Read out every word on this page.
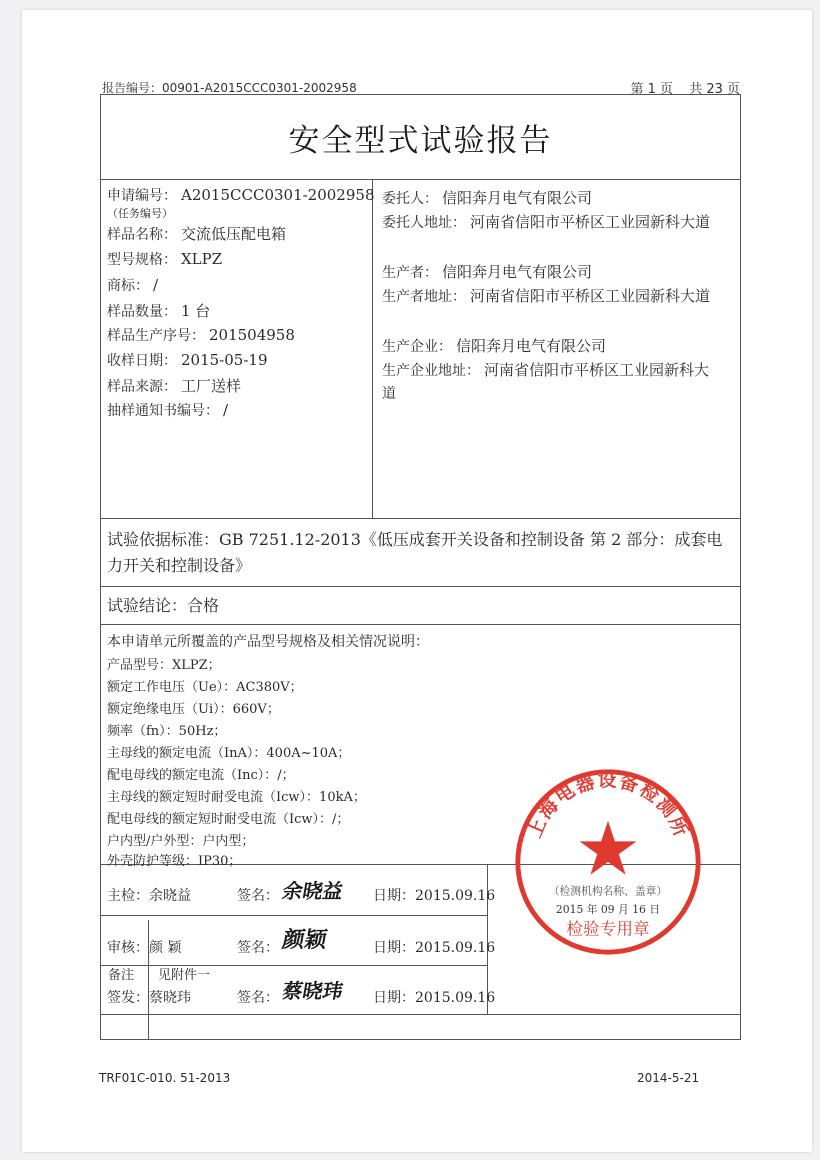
报告编号：00901-A2015CCC0301-2002958	第 1 页 共 23 页
安全型式试验报告
申请编号： A2015CCC0301-2002958
（任务编号）
样品名称： 交流低压配电箱
型号规格： XLPZ
商标： /
样品数量： 1 台
样品生产序号： 201504958
收样日期： 2015-05-19
样品来源： 工厂送样
抽样通知书编号： /
委托人： 信阳奔月电气有限公司
委托人地址： 河南省信阳市平桥区工业园新科大道
生产者： 信阳奔月电气有限公司
生产者地址： 河南省信阳市平桥区工业园新科大道
生产企业： 信阳奔月电气有限公司
生产企业地址： 河南省信阳市平桥区工业园新科大
道
试验依据标准：GB 7251.12-2013《低压成套开关设备和控制设备 第 2 部分：成套电力开关和控制设备》
试验结论：合格
本申请单元所覆盖的产品型号规格及相关情况说明：
产品型号：XLPZ；
额定工作电压（Ue）：AC380V；
额定绝缘电压（Ui）：660V；
频率（fn）：50Hz；
主母线的额定电流（InA）：400A~10A；
配电母线的额定电流（Inc）：/；
主母线的额定短时耐受电流（Icw）：10kA；
配电母线的额定短时耐受电流（Icw）：/；
户内型/户外型：户内型；
外壳防护等级：IP30；
主检：余晓益	签名： 余晓益 日期：2015.09.16
审核：颜 颖	签名： 颜颖	日期：2015.09.16
签发：蔡晓玮	签名： 蔡晓玮 日期：2015.09.16
备注 见附件一
上海电器设备检测所
（检测机构名称、盖章）
2015 年 09 月 16 日
检验专用章
TRF01C-010. 51-2013	2014-5-21
